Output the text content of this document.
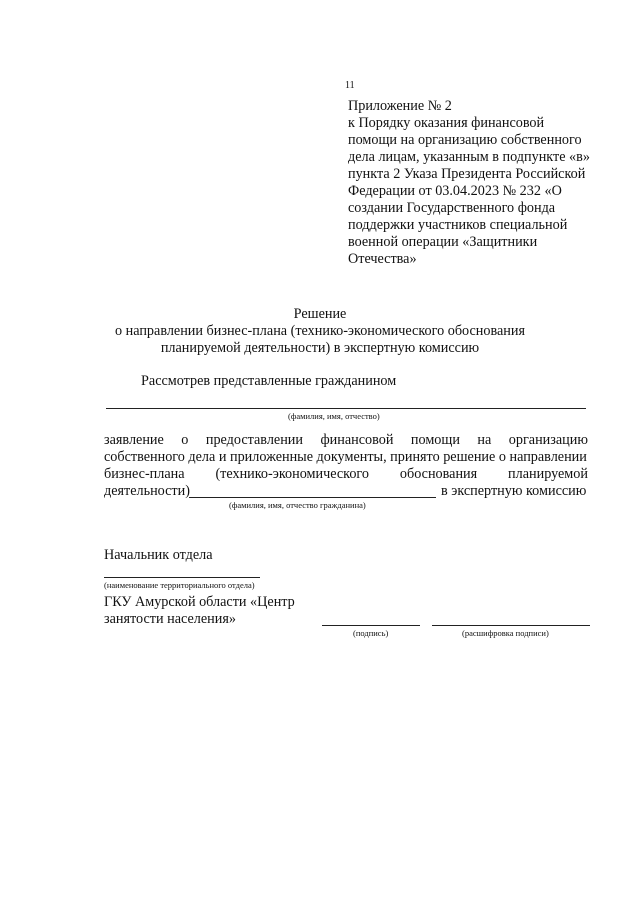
11
Приложение № 2
к Порядку оказания финансовой
помощи на организацию собственного
дела лицам, указанным в подпункте «в»
пункта 2 Указа Президента Российской
Федерации от 03.04.2023 № 232 «О
создании Государственного фонда
поддержки участников специальной
военной операции «Защитники
Отечества»
Решение
о направлении бизнес-плана (технико-экономического обоснования
планируемой деятельности) в экспертную комиссию
Рассмотрев представленные гражданином
(фамилия, имя, отчество)
заявление о предоставлении финансовой помощи на организацию
собственного дела и приложенные документы, принято решение о направлении
бизнес-плана (технико-экономического обоснования планируемой
деятельности)	в экспертную комиссию
(фамилия, имя, отчество гражданина)
Начальник отдела
(наименование территориального отдела)
ГКУ Амурской области «Центр
занятости населения»
(подпись)	(расшифровка подписи)
